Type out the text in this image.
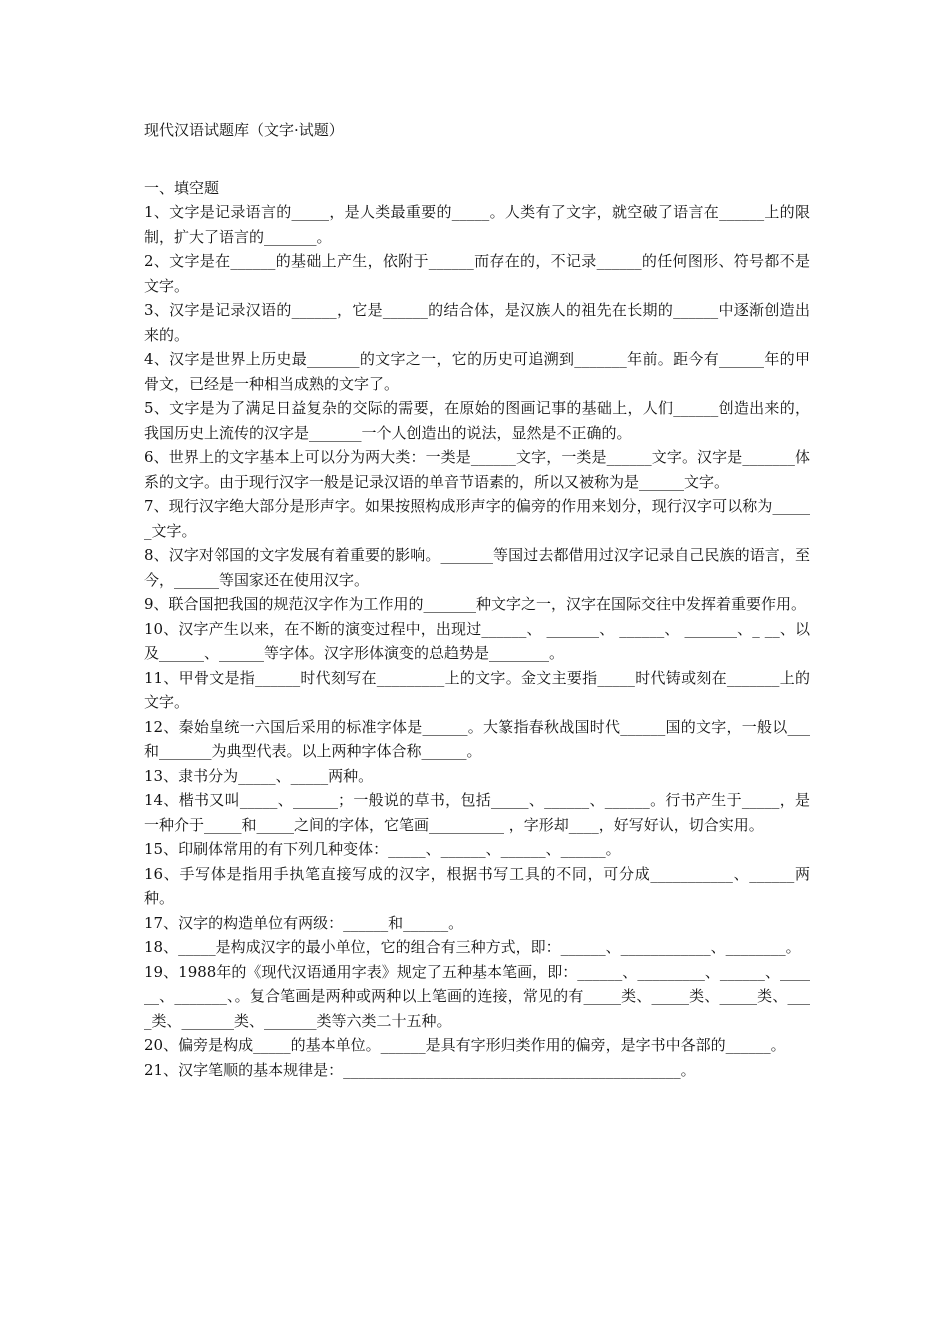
现代汉语试题库（文字·试题）
一、填空题
1、文字是记录语言的_____，是人类最重要的_____。人类有了文字，就空破了语言在______上的限制，扩大了语言的_______。
2、文字是在______的基础上产生，依附于______而存在的，不记录______的任何图形、符号都不是文字。
3、汉字是记录汉语的______，它是______的结合体，是汉族人的祖先在长期的______中逐渐创造出来的。
4、汉字是世界上历史最_______的文字之一，它的历史可追溯到_______年前。距今有______年的甲骨文，已经是一种相当成熟的文字了。
5、文字是为了满足日益复杂的交际的需要，在原始的图画记事的基础上，人们______创造出来的，我国历史上流传的汉字是_______一个人创造出的说法，显然是不正确的。
6、世界上的文字基本上可以分为两大类：一类是______文字，一类是______文字。汉字是_______体系的文字。由于现行汉字一般是记录汉语的单音节语素的，所以又被称为是______文字。
7、现行汉字绝大部分是形声字。如果按照构成形声字的偏旁的作用来划分，现行汉字可以称为______文字。
8、汉字对邻国的文字发展有着重要的影响。_______等国过去都借用过汉字记录自己民族的语言，至今，______等国家还在使用汉字。
9、联合国把我国的规范汉字作为工作用的_______种文字之一，汉字在国际交往中发挥着重要作用。
10、汉字产生以来，在不断的演变过程中，出现过______、 _______、 ______、 _______、_ __、以及______、______等字体。汉字形体演变的总趋势是________。
11、甲骨文是指______时代刻写在_________上的文字。金文主要指_____时代铸或刻在_______上的文字。
12、秦始皇统一六国后采用的标准字体是______。大篆指春秋战国时代______国的文字，一般以___和_______为典型代表。以上两种字体合称______。
13、隶书分为_____、_____两种。
14、楷书又叫_____、______；一般说的草书，包括_____、______、______。行书产生于_____，是一种介于_____和_____之间的字体，它笔画__________ ，字形却____，好写好认，切合实用。
15、印刷体常用的有下列几种变体：_____、______、______、______。
16、手写体是指用手执笔直接写成的汉字，根据书写工具的不同，可分成___________、______两种。
17、汉字的构造单位有两级：______和______。
18、_____是构成汉字的最小单位，它的组合有三种方式，即：______、____________、________。
19、1988年的《现代汉语通用字表》规定了五种基本笔画，即：______、_________、______、______、_______、。复合笔画是两种或两种以上笔画的连接，常见的有_____类、_____类、_____类、____类、_______类、_______类等六类二十五种。
20、偏旁是构成_____的基本单位。______是具有字形归类作用的偏旁，是字书中各部的______。
21、汉字笔顺的基本规律是：_____________________________________________。
